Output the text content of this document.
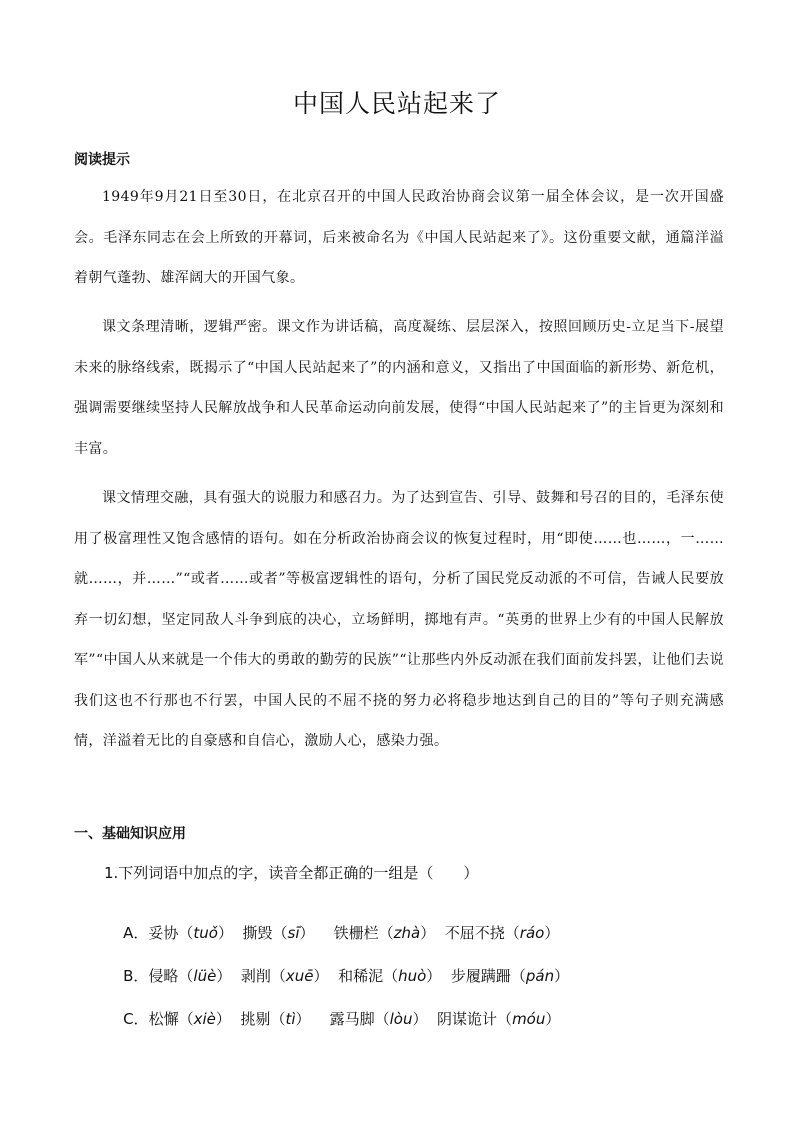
中国人民站起来了
阅读提示
1949年9月21日至30日，在北京召开的中国人民政治协商会议第一届全体会议，是一次开国盛会。毛泽东同志在会上所致的开幕词，后来被命名为《中国人民站起来了》。这份重要文献，通篇洋溢着朝气蓬勃、雄浑阔大的开国气象。
课文条理清晰，逻辑严密。课文作为讲话稿，高度凝练、层层深入，按照回顾历史-立足当下-展望未来的脉络线索，既揭示了“中国人民站起来了”的内涵和意义，又指出了中国面临的新形势、新危机，强调需要继续坚持人民解放战争和人民革命运动向前发展，使得“中国人民站起来了”的主旨更为深刻和丰富。
课文情理交融，具有强大的说服力和感召力。为了达到宣告、引导、鼓舞和号召的目的，毛泽东使用了极富理性又饱含感情的语句。如在分析政治协商会议的恢复过程时，用“即使……也……，一……就……，并……”“或者……或者”等极富逻辑性的语句，分析了国民党反动派的不可信，告诫人民要放弃一切幻想，坚定同敌人斗争到底的决心，立场鲜明，掷地有声。“英勇的世界上少有的中国人民解放军”“中国人从来就是一个伟大的勇敢的勤劳的民族”“让那些内外反动派在我们面前发抖罢，让他们去说我们这也不行那也不行罢，中国人民的不屈不挠的努力必将稳步地达到自己的目的”等句子则充满感情，洋溢着无比的自豪感和自信心，激励人心，感染力强。
一、基础知识应用
1.下列词语中加点的字，读音全都正确的一组是（　　）

A．妥协（tuǒ）  撕毁（sī）    铁栅栏（zhà）  不屈不挠（ráo）

B．侵略（lüè）  剥削（xuē）  和稀泥（huò）  步履蹒跚（pán）

C．松懈（xiè）  挑剔（tì）    露马脚（lòu）  阴谋诡计（móu）
